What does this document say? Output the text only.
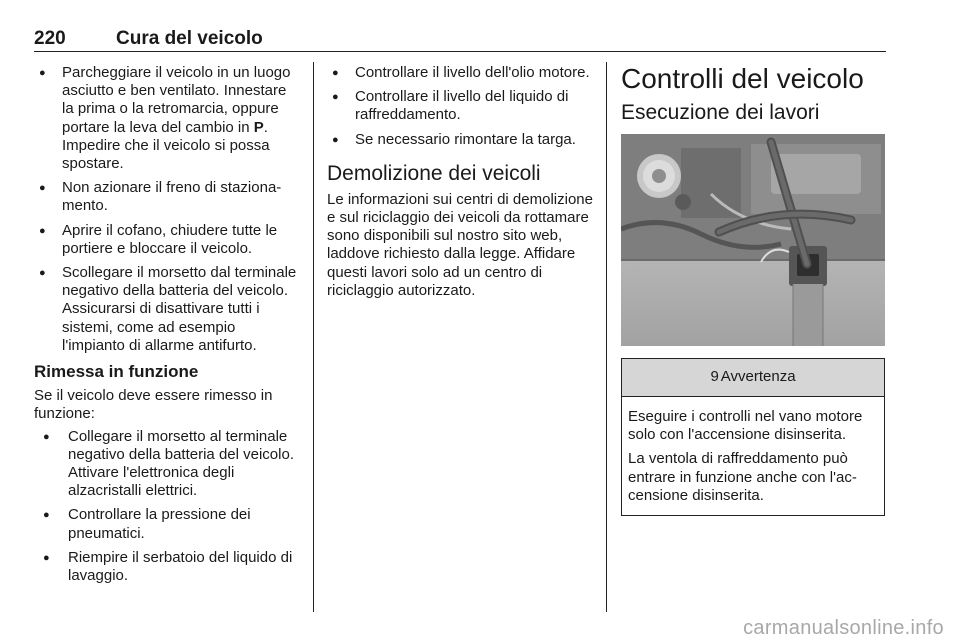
220	Cura del veicolo
● Parcheggiare il veicolo in un luogo asciutto e ben ventilato. Innestare la prima o la retromarcia, oppure portare la leva del cambio in P. Impedire che il veicolo si possa spostare.
● Non azionare il freno di stazionamento.
● Aprire il cofano, chiudere tutte le portiere e bloccare il veicolo.
● Scollegare il morsetto dal terminale negativo della batteria del veicolo. Assicurarsi di disattivare tutti i sistemi, come ad esempio l'impianto di allarme antifurto.
Rimessa in funzione
Se il veicolo deve essere rimesso in funzione:
● Collegare il morsetto al terminale negativo della batteria del veicolo. Attivare l'elettronica degli alzacristalli elettrici.
● Controllare la pressione dei pneumatici.
● Riempire il serbatoio del liquido di lavaggio.
● Controllare il livello dell'olio motore.
● Controllare il livello del liquido di raffreddamento.
● Se necessario rimontare la targa.
Demolizione dei veicoli
Le informazioni sui centri di demolizione e sul riciclaggio dei veicoli da rottamare sono disponibili sul nostro sito web, laddove richiesto dalla legge. Affidare questi lavori solo ad un centro di riciclaggio autorizzato.
Controlli del veicolo
Esecuzione dei lavori
9 Avvertenza

Eseguire i controlli nel vano motore solo con l'accensione disinserita.

La ventola di raffreddamento può entrare in funzione anche con l'accensione disinserita.

carmanualsonline.info
